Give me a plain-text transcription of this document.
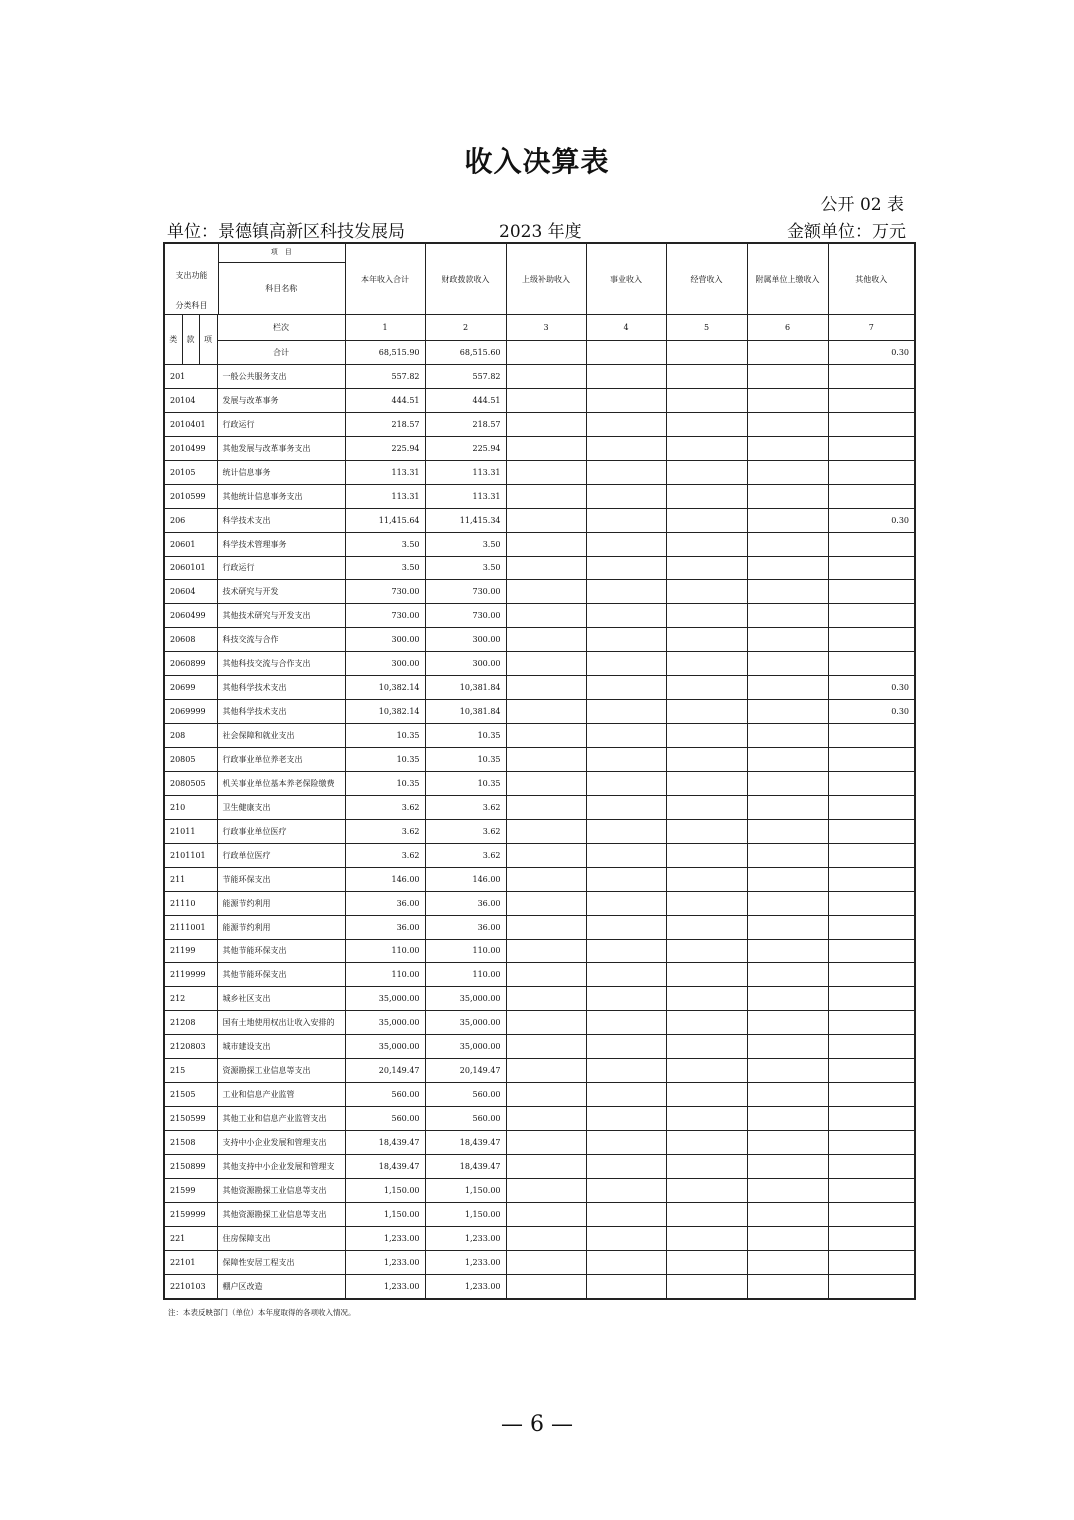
收入决算表
公开 02 表
单位：景德镇高新区科技发展局	2023 年度	金额单位：万元
支出功能
分类科目
项　目
科目名称				本年收入合计	财政拨款收入	上级补助收入	事业收入	经营收入	附属单位上缴收入	其他收入
类	款	项	栏次	1	2	3	4	5	6	7
			合计	68,515.90	68,515.60					0.30
201			一般公共服务支出	557.82	557.82					
20104			发展与改革事务	444.51	444.51					
2010401			行政运行	218.57	218.57					
2010499			其他发展与改革事务支出	225.94	225.94					
20105			统计信息事务	113.31	113.31					
2010599			其他统计信息事务支出	113.31	113.31					
206			科学技术支出	11,415.64	11,415.34					0.30
20601			科学技术管理事务	3.50	3.50					
2060101			行政运行	3.50	3.50					
20604			技术研究与开发	730.00	730.00					
2060499			其他技术研究与开发支出	730.00	730.00					
20608			科技交流与合作	300.00	300.00					
2060899			其他科技交流与合作支出	300.00	300.00					
20699			其他科学技术支出	10,382.14	10,381.84					0.30
2069999			其他科学技术支出	10,382.14	10,381.84					0.30
208			社会保障和就业支出	10.35	10.35					
20805			行政事业单位养老支出	10.35	10.35					
2080505			机关事业单位基本养老保险缴费	10.35	10.35					
210			卫生健康支出	3.62	3.62					
21011			行政事业单位医疗	3.62	3.62					
2101101			行政单位医疗	3.62	3.62					
211			节能环保支出	146.00	146.00					
21110			能源节约利用	36.00	36.00					
2111001			能源节约利用	36.00	36.00					
21199			其他节能环保支出	110.00	110.00					
2119999			其他节能环保支出	110.00	110.00					
212			城乡社区支出	35,000.00	35,000.00					
21208			国有土地使用权出让收入安排的	35,000.00	35,000.00					
2120803			城市建设支出	35,000.00	35,000.00					
215			资源勘探工业信息等支出	20,149.47	20,149.47					
21505			工业和信息产业监管	560.00	560.00					
2150599			其他工业和信息产业监管支出	560.00	560.00					
21508			支持中小企业发展和管理支出	18,439.47	18,439.47					
2150899			其他支持中小企业发展和管理支	18,439.47	18,439.47					
21599			其他资源勘探工业信息等支出	1,150.00	1,150.00					
2159999			其他资源勘探工业信息等支出	1,150.00	1,150.00					
221			住房保障支出	1,233.00	1,233.00					
22101			保障性安居工程支出	1,233.00	1,233.00					
2210103			棚户区改造	1,233.00	1,233.00					
注：本表反映部门（单位）本年度取得的各项收入情况。
— 6 —
